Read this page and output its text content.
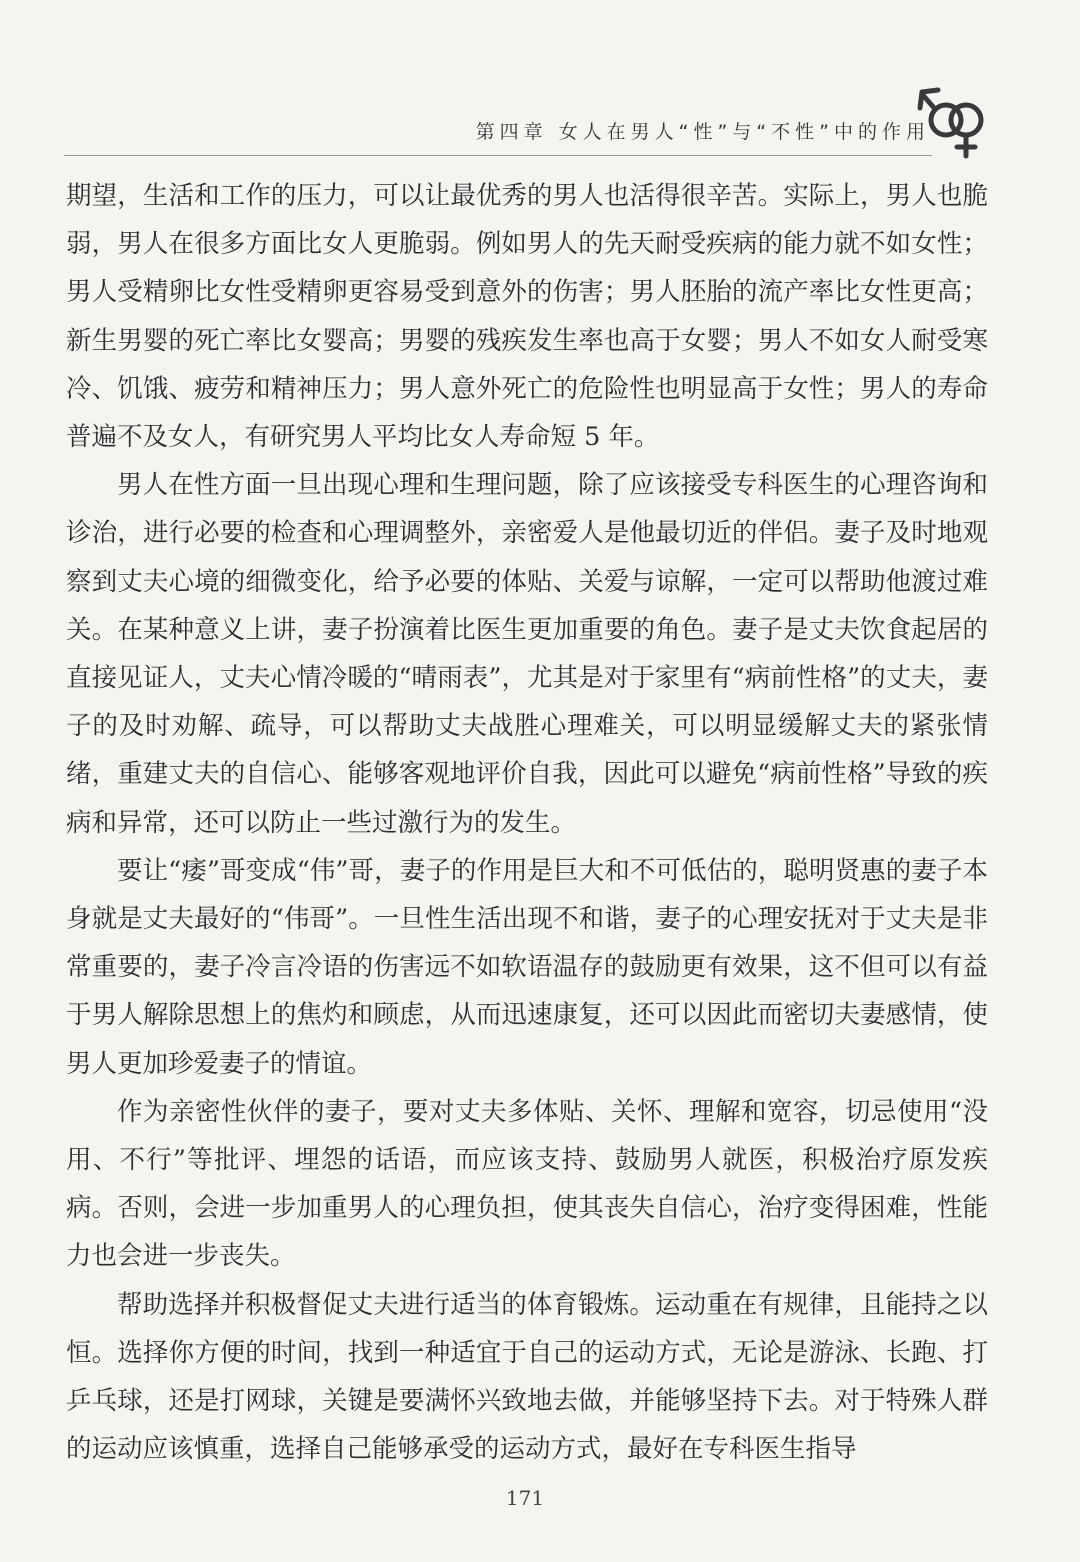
第四章 女人在男人“性”与“不性”中的作用

期望，生活和工作的压力，可以让最优秀的男人也活得很辛苦。实际上，男人也脆弱，男人在很多方面比女人更脆弱。例如男人的先天耐受疾病的能力就不如女性；男人受精卵比女性受精卵更容易受到意外的伤害；男人胚胎的流产率比女性更高；新生男婴的死亡率比女婴高；男婴的残疾发生率也高于女婴；男人不如女人耐受寒冷、饥饿、疲劳和精神压力；男人意外死亡的危险性也明显高于女性；男人的寿命普遍不及女人，有研究男人平均比女人寿命短 5 年。

男人在性方面一旦出现心理和生理问题，除了应该接受专科医生的心理咨询和诊治，进行必要的检查和心理调整外，亲密爱人是他最切近的伴侣。妻子及时地观察到丈夫心境的细微变化，给予必要的体贴、关爱与谅解，一定可以帮助他渡过难关。在某种意义上讲，妻子扮演着比医生更加重要的角色。妻子是丈夫饮食起居的直接见证人，丈夫心情冷暖的“晴雨表”，尤其是对于家里有“病前性格”的丈夫，妻子的及时劝解、疏导，可以帮助丈夫战胜心理难关，可以明显缓解丈夫的紧张情绪，重建丈夫的自信心、能够客观地评价自我，因此可以避免“病前性格”导致的疾病和异常，还可以防止一些过激行为的发生。

要让“痿”哥变成“伟”哥，妻子的作用是巨大和不可低估的，聪明贤惠的妻子本身就是丈夫最好的“伟哥”。一旦性生活出现不和谐，妻子的心理安抚对于丈夫是非常重要的，妻子冷言冷语的伤害远不如软语温存的鼓励更有效果，这不但可以有益于男人解除思想上的焦灼和顾虑，从而迅速康复，还可以因此而密切夫妻感情，使男人更加珍爱妻子的情谊。

作为亲密性伙伴的妻子，要对丈夫多体贴、关怀、理解和宽容，切忌使用“没用、不行”等批评、埋怨的话语，而应该支持、鼓励男人就医，积极治疗原发疾病。否则，会进一步加重男人的心理负担，使其丧失自信心，治疗变得困难，性能力也会进一步丧失。

帮助选择并积极督促丈夫进行适当的体育锻炼。运动重在有规律，且能持之以恒。选择你方便的时间，找到一种适宜于自己的运动方式，无论是游泳、长跑、打乒乓球，还是打网球，关键是要满怀兴致地去做，并能够坚持下去。对于特殊人群的运动应该慎重，选择自己能够承受的运动方式，最好在专科医生指导

171
